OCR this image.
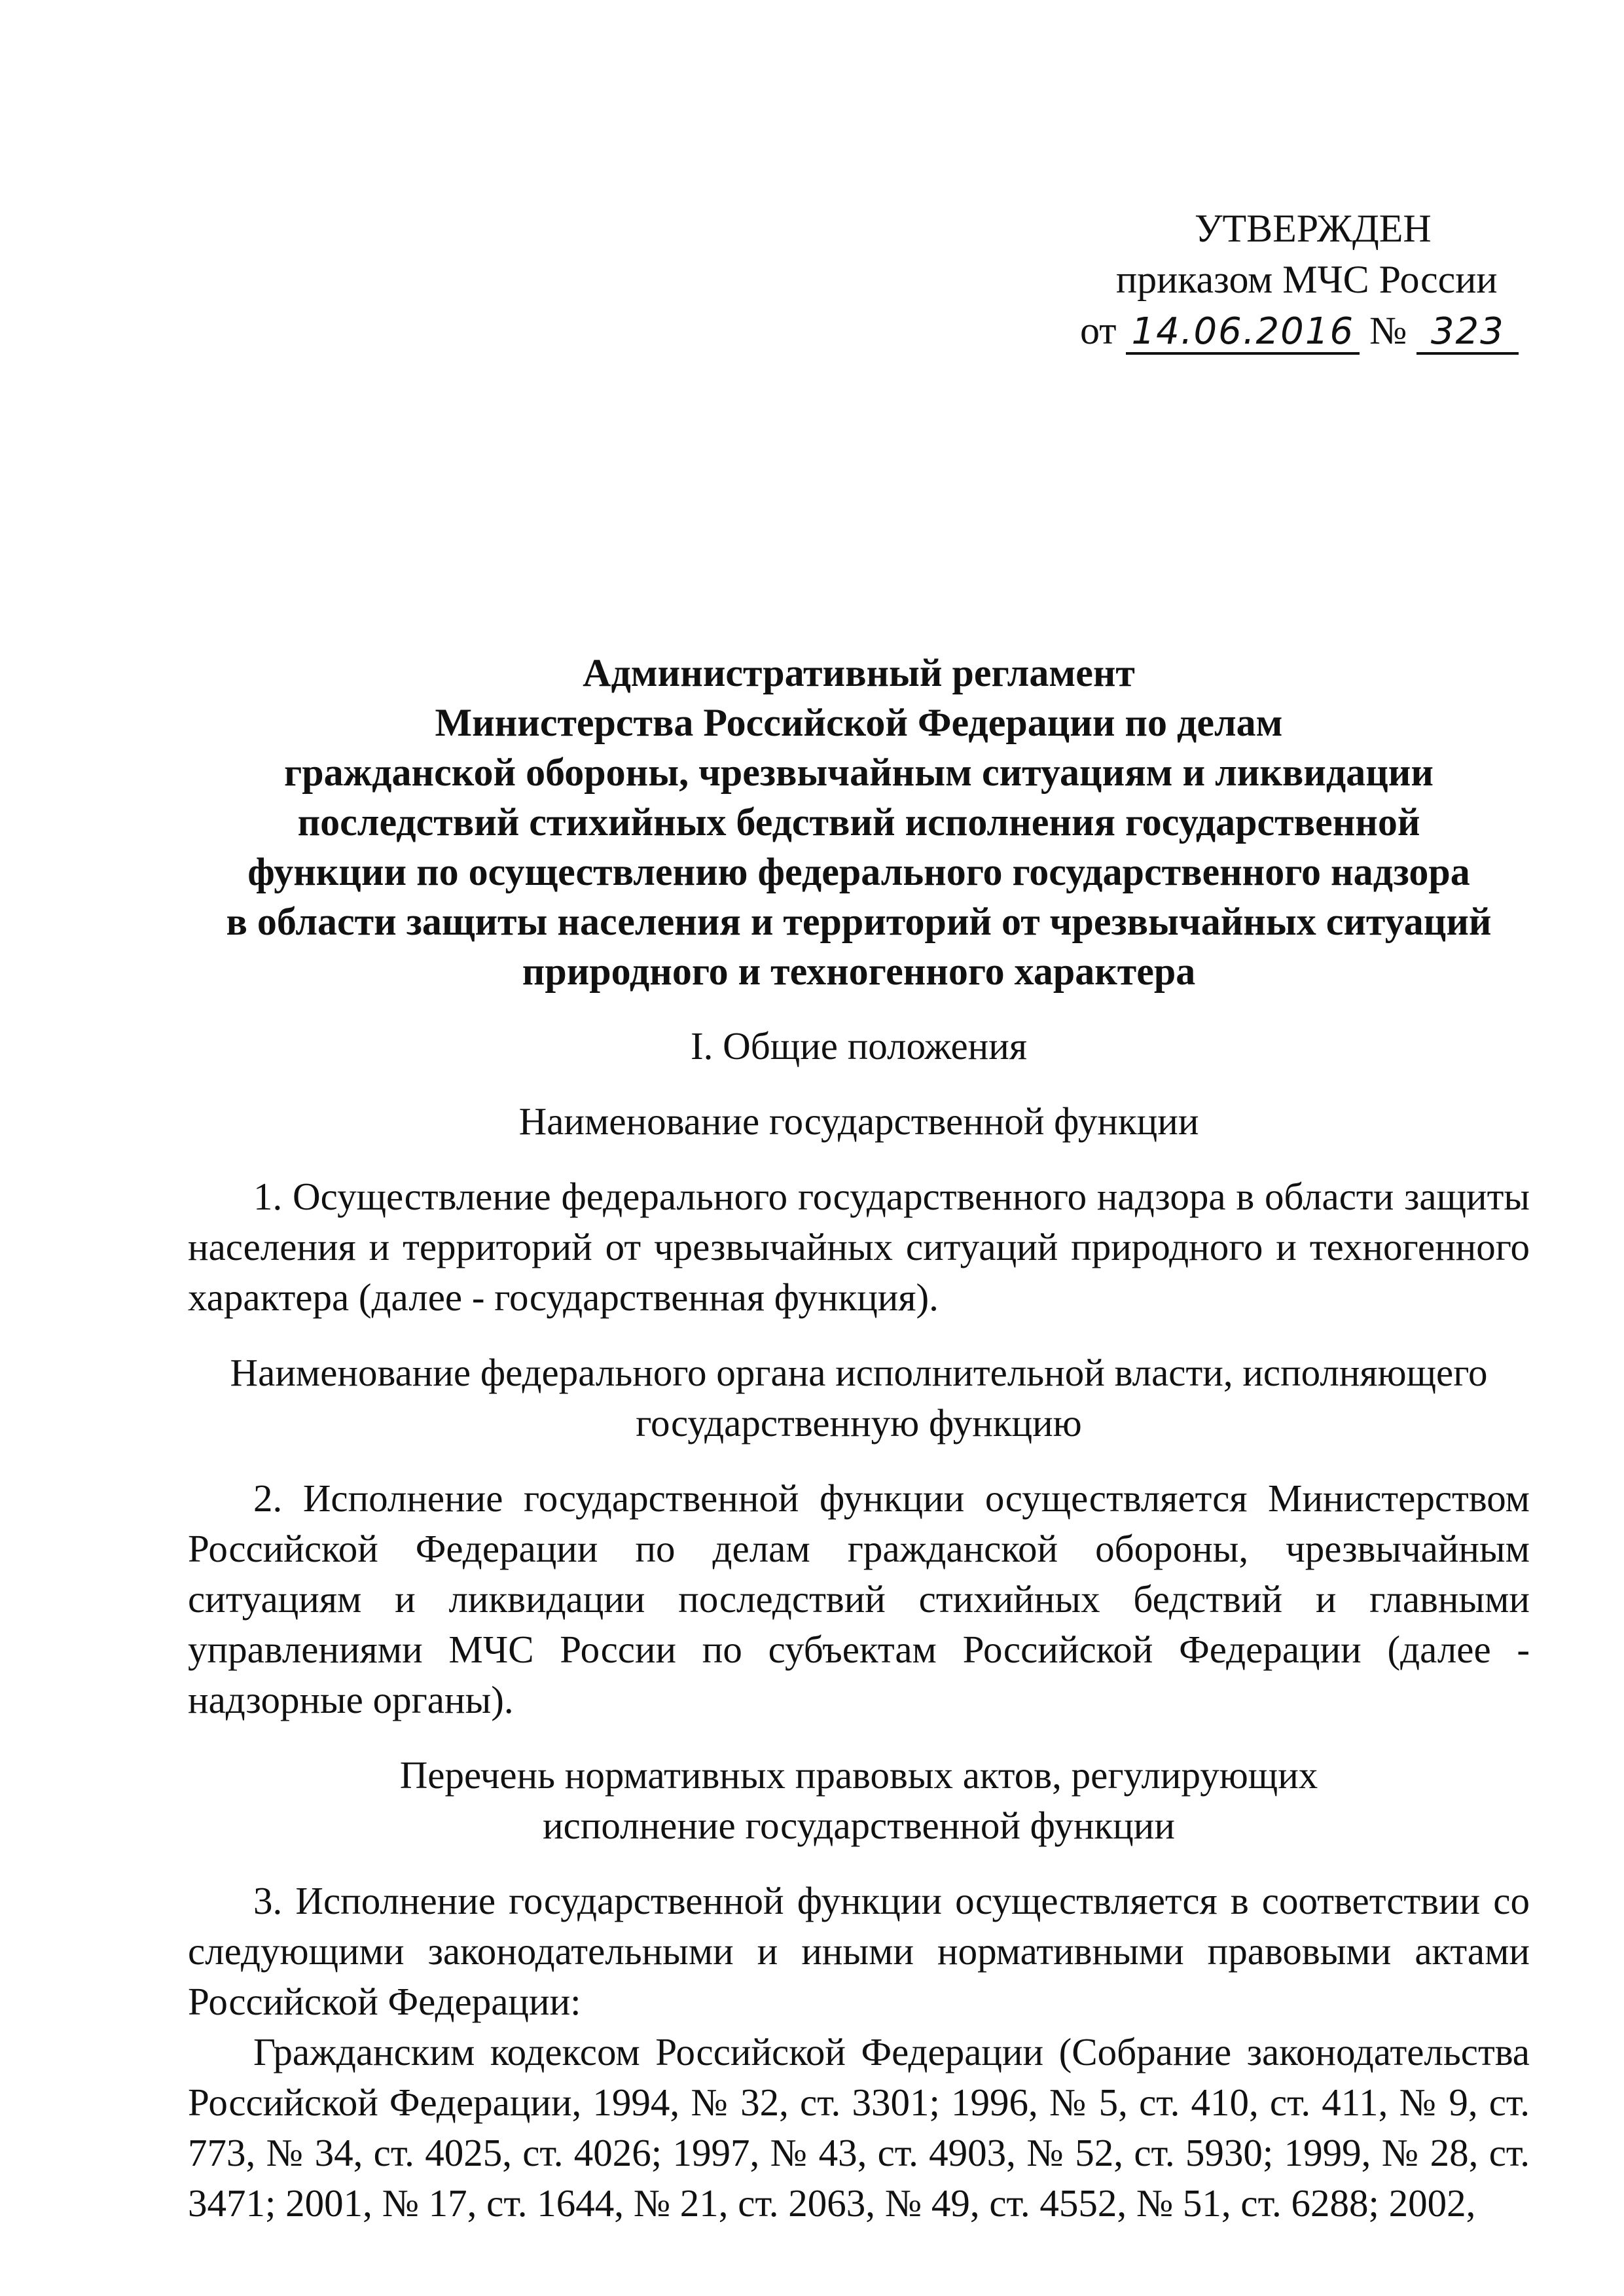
УТВЕРЖДЕН
приказом МЧС России
от 14.06.2016 № 323

Административный регламент
Министерства Российской Федерации по делам
гражданской обороны, чрезвычайным ситуациям и ликвидации
последствий стихийных бедствий исполнения государственной
функции по осуществлению федерального государственного надзора
в области защиты населения и территорий от чрезвычайных ситуаций
природного и техногенного характера

I. Общие положения

Наименование государственной функции

1. Осуществление федерального государственного надзора в области защиты населения и территорий от чрезвычайных ситуаций природного и техногенного характера (далее - государственная функция).

Наименование федерального органа исполнительной власти, исполняющего
государственную функцию

2. Исполнение государственной функции осуществляется Министерством Российской Федерации по делам гражданской обороны, чрезвычайным ситуациям и ликвидации последствий стихийных бедствий и главными управлениями МЧС России по субъектам Российской Федерации (далее - надзорные органы).

Перечень нормативных правовых актов, регулирующих
исполнение государственной функции

3. Исполнение государственной функции осуществляется в соответствии со следующими законодательными и иными нормативными правовыми актами Российской Федерации:

Гражданским кодексом Российской Федерации (Собрание законодательства Российской Федерации, 1994, № 32, ст. 3301; 1996, № 5, ст. 410, ст. 411, № 9, ст. 773, № 34, ст. 4025, ст. 4026; 1997, № 43, ст. 4903, № 52, ст. 5930; 1999, № 28, ст. 3471; 2001, № 17, ст. 1644, № 21, ст. 2063, № 49, ст. 4552, № 51, ст. 6288; 2002,
